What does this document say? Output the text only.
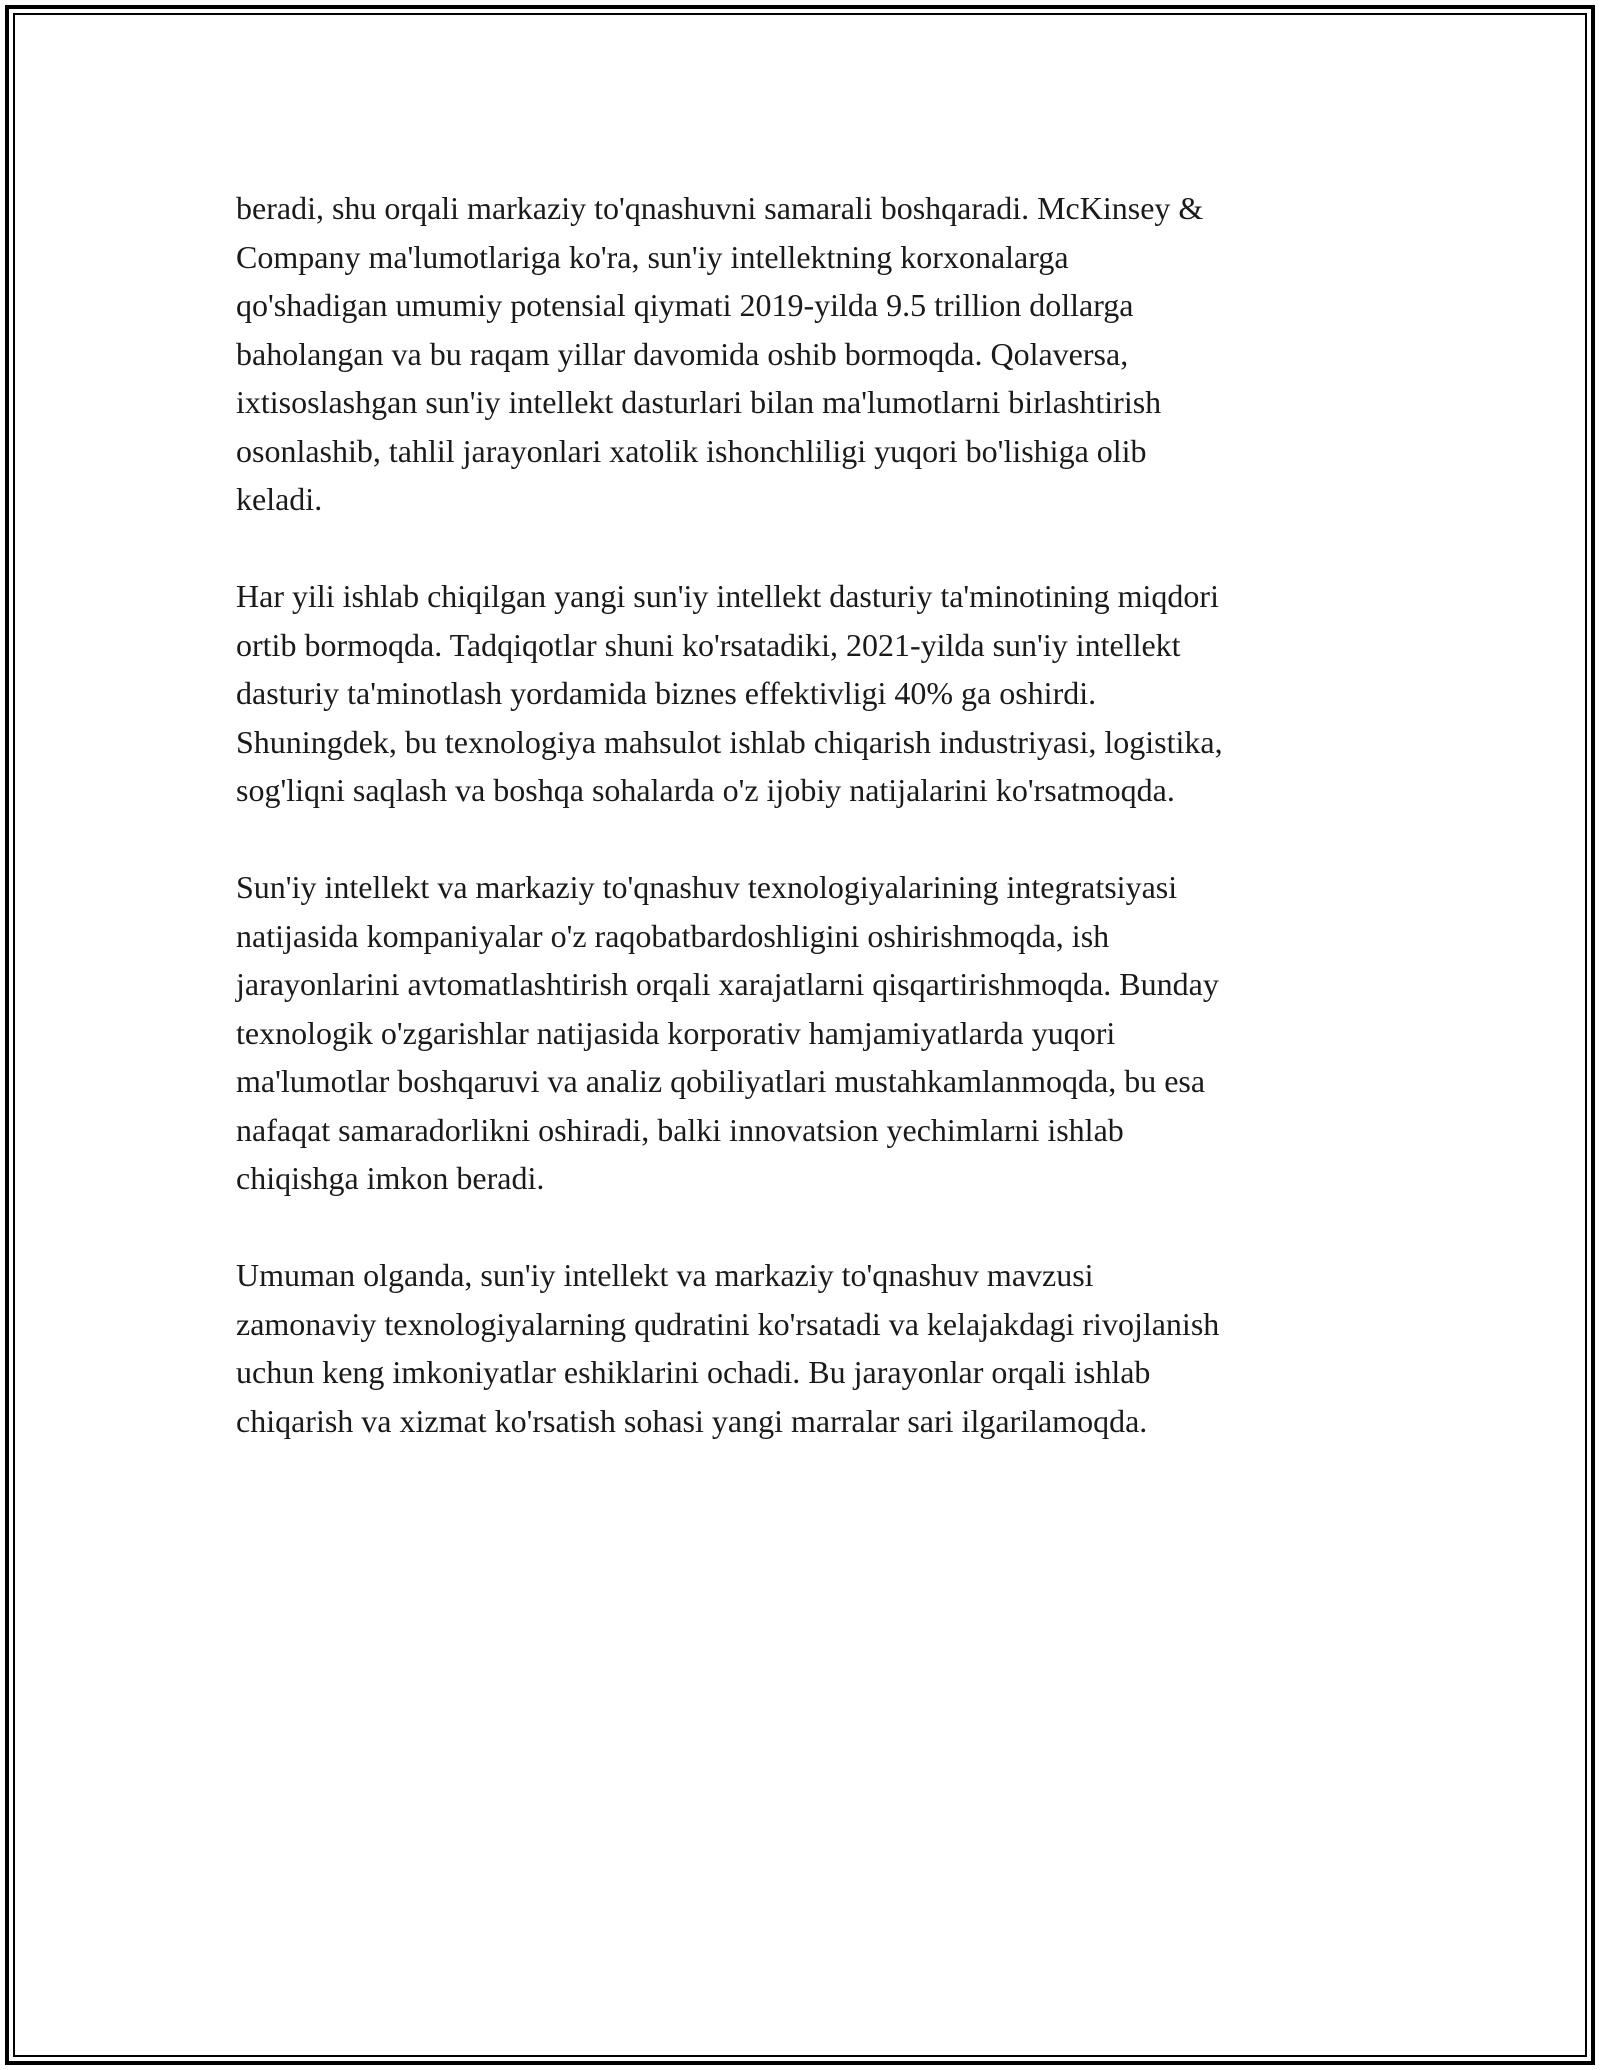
beradi, shu orqali markaziy to'qnashuvni samarali boshqaradi. McKinsey &
Company ma'lumotlariga ko'ra, sun'iy intellektning korxonalarga
qo'shadigan umumiy potensial qiymati 2019-yilda 9.5 trillion dollarga
baholangan va bu raqam yillar davomida oshib bormoqda. Qolaversa,
ixtisoslashgan sun'iy intellekt dasturlari bilan ma'lumotlarni birlashtirish
osonlashib, tahlil jarayonlari xatolik ishonchliligi yuqori bo'lishiga olib
keladi.

Har yili ishlab chiqilgan yangi sun'iy intellekt dasturiy ta'minotining miqdori
ortib bormoqda. Tadqiqotlar shuni ko'rsatadiki, 2021-yilda sun'iy intellekt
dasturiy ta'minotlash yordamida biznes effektivligi 40% ga oshirdi.
Shuningdek, bu texnologiya mahsulot ishlab chiqarish industriyasi, logistika,
sog'liqni saqlash va boshqa sohalarda o'z ijobiy natijalarini ko'rsatmoqda.

Sun'iy intellekt va markaziy to'qnashuv texnologiyalarining integratsiyasi
natijasida kompaniyalar o'z raqobatbardoshligini oshirishmoqda, ish
jarayonlarini avtomatlashtirish orqali xarajatlarni qisqartirishmoqda. Bunday
texnologik o'zgarishlar natijasida korporativ hamjamiyatlarda yuqori
ma'lumotlar boshqaruvi va analiz qobiliyatlari mustahkamlanmoqda, bu esa
nafaqat samaradorlikni oshiradi, balki innovatsion yechimlarni ishlab
chiqishga imkon beradi.

Umuman olganda, sun'iy intellekt va markaziy to'qnashuv mavzusi
zamonaviy texnologiyalarning qudratini ko'rsatadi va kelajakdagi rivojlanish
uchun keng imkoniyatlar eshiklarini ochadi. Bu jarayonlar orqali ishlab
chiqarish va xizmat ko'rsatish sohasi yangi marralar sari ilgarilamoqda.
